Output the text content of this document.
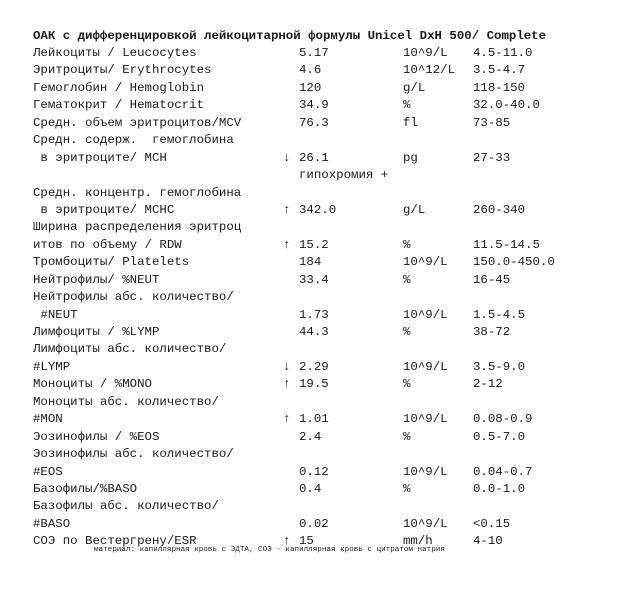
ОАК с дифференцировкой лейкоцитарной формулы Unicel DxH 500/ Complete
Лейкоциты / Leucocytes	5.17	10^9/L 4.5-11.0
Эритроциты/ Erythrocytes	4.6	10^12/L 3.5-4.7
Гемоглобин / Hemoglobin	120	g/L	118-150
Гематокрит / Hematocrit	34.9	%	32.0-40.0
Средн. объем эритроцитов/MCV	76.3	fl	73-85
Средн. содерж.  гемоглобина
в эритроците/ MCH	↓ 26.1	pg	27-33
гипохромия +
Средн. концентр. гемоглобина
в эритроците/ MCHC	↑ 342.0	g/L	260-340
Ширина распределения эритроц
итов по объему / RDW	↑ 15.2	%	11.5-14.5
Тромбоциты/ Platelets	184	10^9/L 150.0-450.0
Нейтрофилы/ %NEUT	33.4	%	16-45
Нейтрофилы абс. количество/
#NEUT	1.73	10^9/L 1.5-4.5
Лимфоциты / %LYMP	44.3	%	38-72
Лимфоциты абс. количество/
#LYMP	↓ 2.29	10^9/L 3.5-9.0
Моноциты / %MONO	↑ 19.5	%	2-12
Моноциты абс. количество/
#MON	↑ 1.01	10^9/L 0.08-0.9
Эозинофилы / %EOS	2.4	%	0.5-7.0
Эозинофилы абс. количество/
#EOS	0.12	10^9/L 0.04-0.7
Базофилы/%BASO	0.4	%	0.0-1.0
Базофилы абс. количество/
#BASO	0.02	10^9/L <0.15
СОЭ по Вестергрену/ESR	↑ 15	mm/h	4-10
материал: капиллярная кровь с ЭДТА, СОЭ - капиллярная кровь с цитратом натрия
